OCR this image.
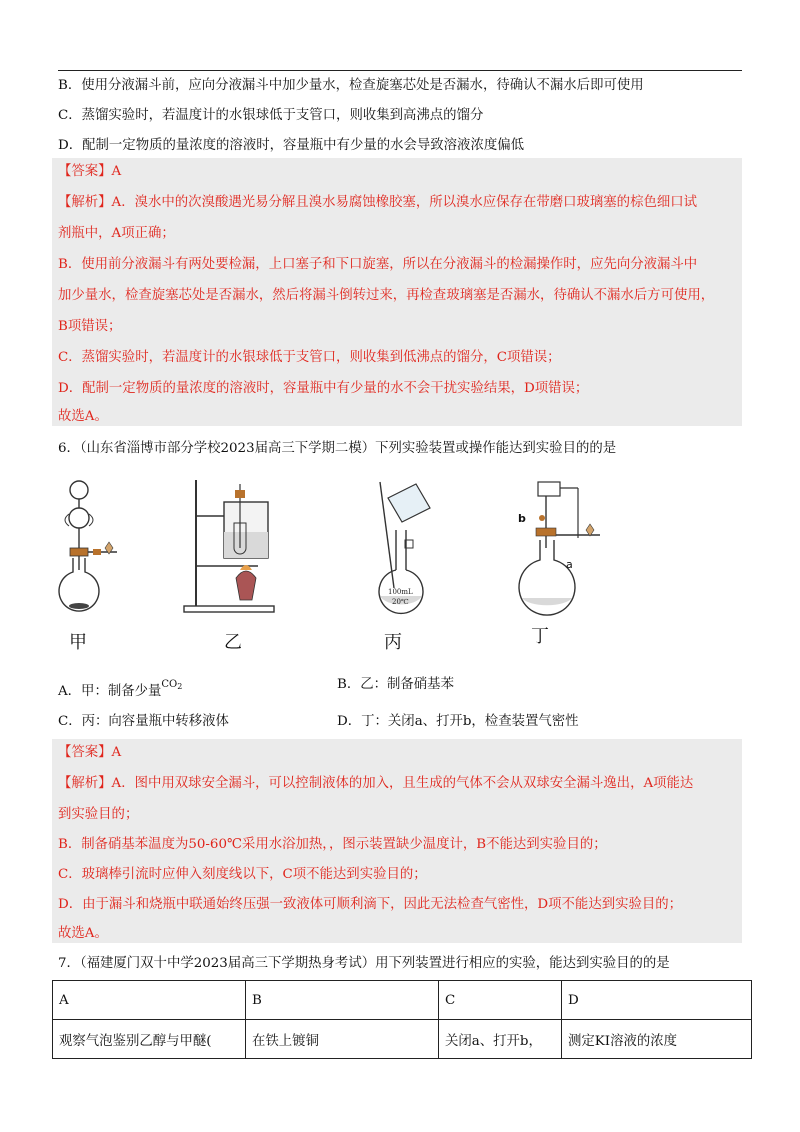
B．使用分液漏斗前，应向分液漏斗中加少量水，检查旋塞芯处是否漏水，待确认不漏水后即可使用
C．蒸馏实验时，若温度计的水银球低于支管口，则收集到高沸点的馏分
D．配制一定物质的量浓度的溶液时，容量瓶中有少量的水会导致溶液浓度偏低
【答案】A
【解析】A．溴水中的次溴酸遇光易分解且溴水易腐蚀橡胶塞，所以溴水应保存在带磨口玻璃塞的棕色细口试
剂瓶中，A项正确；
B．使用前分液漏斗有两处要检漏，上口塞子和下口旋塞，所以在分液漏斗的检漏操作时，应先向分液漏斗中
加少量水，检查旋塞芯处是否漏水，然后将漏斗倒转过来，再检查玻璃塞是否漏水，待确认不漏水后方可使用，
B项错误；
C．蒸馏实验时，若温度计的水银球低于支管口，则收集到低沸点的馏分，C项错误；
D．配制一定物质的量浓度的溶液时，容量瓶中有少量的水不会干扰实验结果，D项错误；
故选A。
6．（山东省淄博市部分学校2023届高三下学期二模）下列实验装置或操作能达到实验目的的是
甲	乙
100mL
20℃
丙
b
a
丁
A．甲：制备少量$^{CO_2}$	B．乙：制备硝基苯
C．丙：向容量瓶中转移液体	D．丁：关闭a、打开b，检查装置气密性
【答案】A
【解析】A．图中用双球安全漏斗，可以控制液体的加入，且生成的气体不会从双球安全漏斗逸出，A项能达
到实验目的；
B．制备硝基苯温度为50-60℃采用水浴加热，，图示装置缺少温度计，B不能达到实验目的；
C．玻璃棒引流时应伸入刻度线以下，C项不能达到实验目的；
D．由于漏斗和烧瓶中联通始终压强一致液体可顺利滴下，因此无法检查气密性，D项不能达到实验目的；
故选A。
7．（福建厦门双十中学2023届高三下学期热身考试）用下列装置进行相应的实验，能达到实验目的的是
A	B	C	D
观察气泡鉴别乙醇与甲醚(	在铁上镀铜	关闭a、打开b，	测定KI溶液的浓度
